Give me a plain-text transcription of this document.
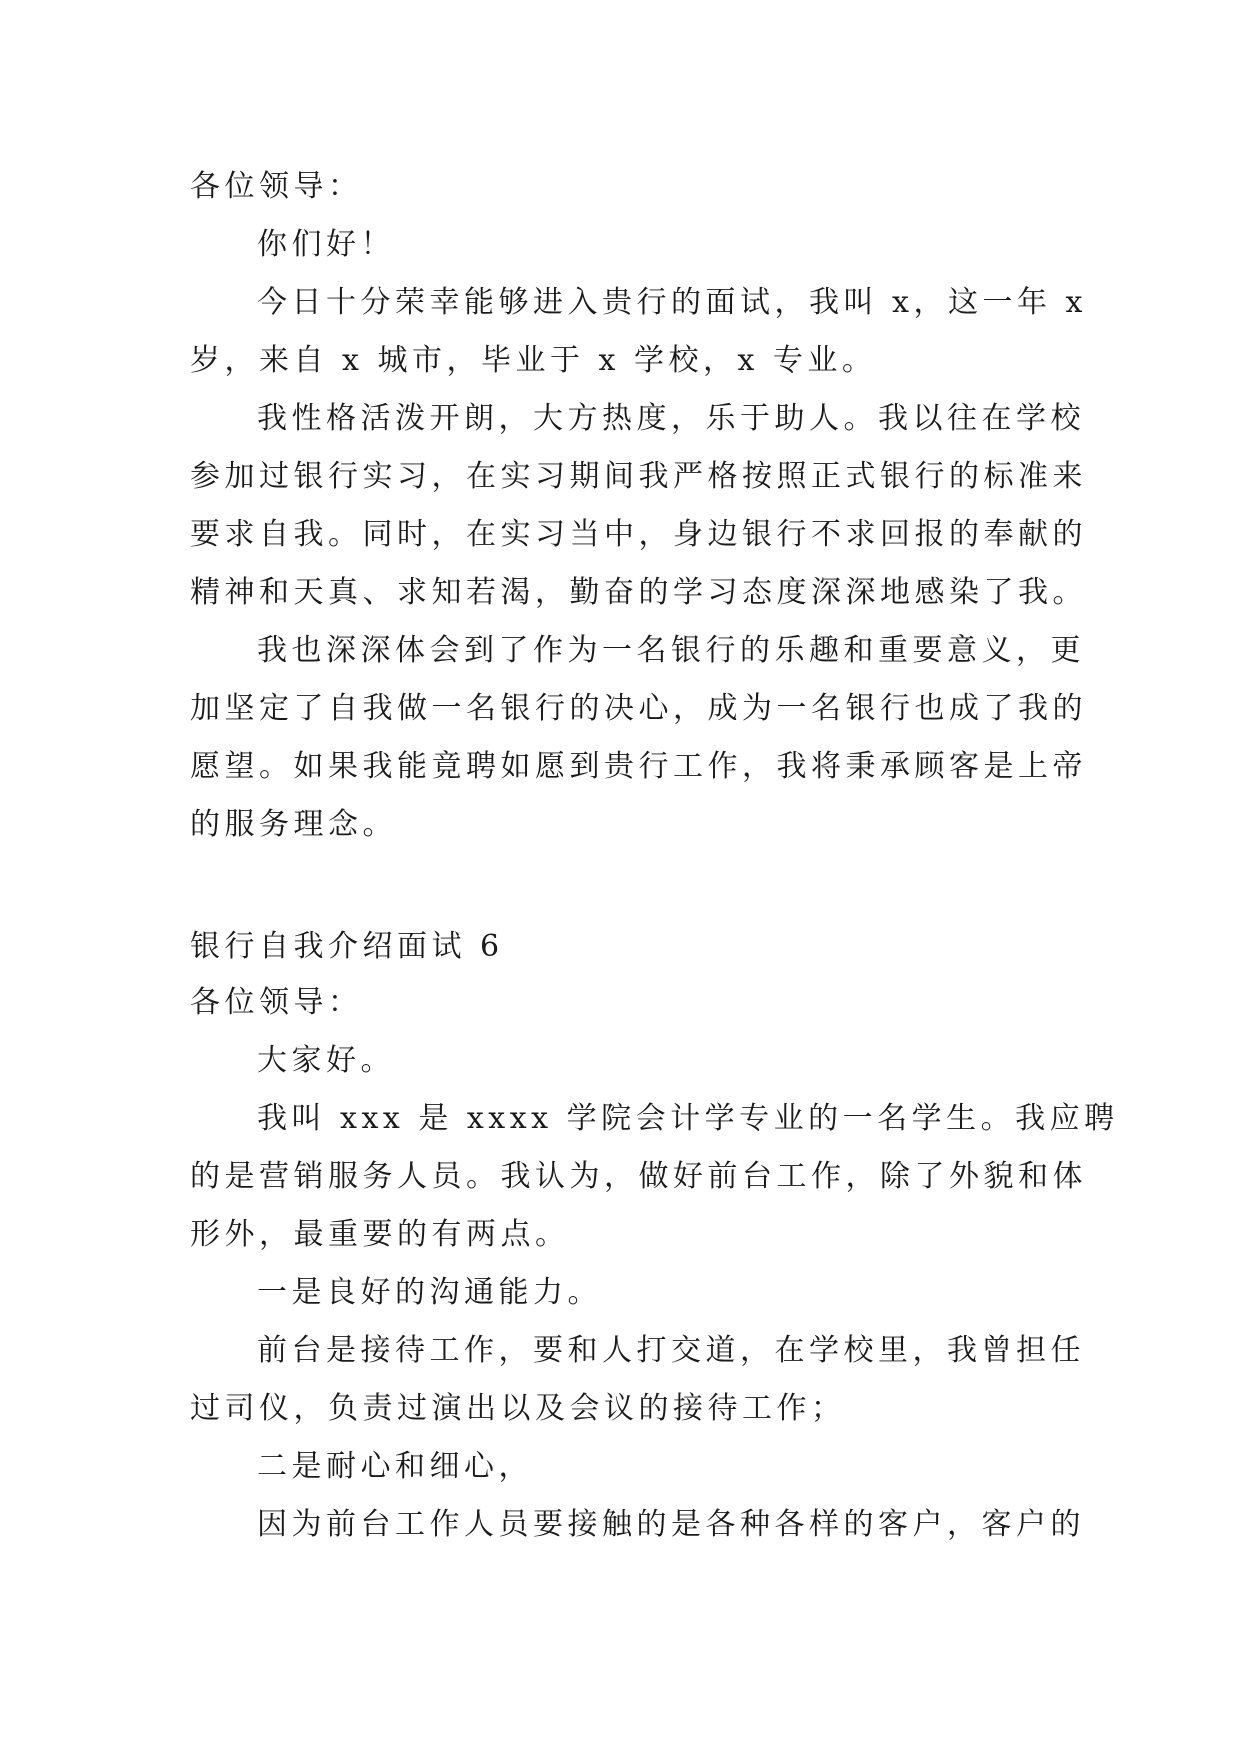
各位领导：
你们好！
今日十分荣幸能够进入贵行的面试，我叫 x，这一年 x
岁，来自 x 城市，毕业于 x 学校，x 专业。
我性格活泼开朗，大方热度，乐于助人。我以往在学校
参加过银行实习，在实习期间我严格按照正式银行的标准来
要求自我。同时，在实习当中，身边银行不求回报的奉献的
精神和天真、求知若渴，勤奋的学习态度深深地感染了我。
我也深深体会到了作为一名银行的乐趣和重要意义，更
加坚定了自我做一名银行的决心，成为一名银行也成了我的
愿望。如果我能竟聘如愿到贵行工作，我将秉承顾客是上帝
的服务理念。
银行自我介绍面试 6
各位领导：
大家好。
我叫 xxx 是 xxxx 学院会计学专业的一名学生。我应聘
的是营销服务人员。我认为，做好前台工作，除了外貌和体
形外，最重要的有两点。
一是良好的沟通能力。
前台是接待工作，要和人打交道，在学校里，我曾担任
过司仪，负责过演出以及会议的接待工作；
二是耐心和细心，
因为前台工作人员要接触的是各种各样的客户，客户的
